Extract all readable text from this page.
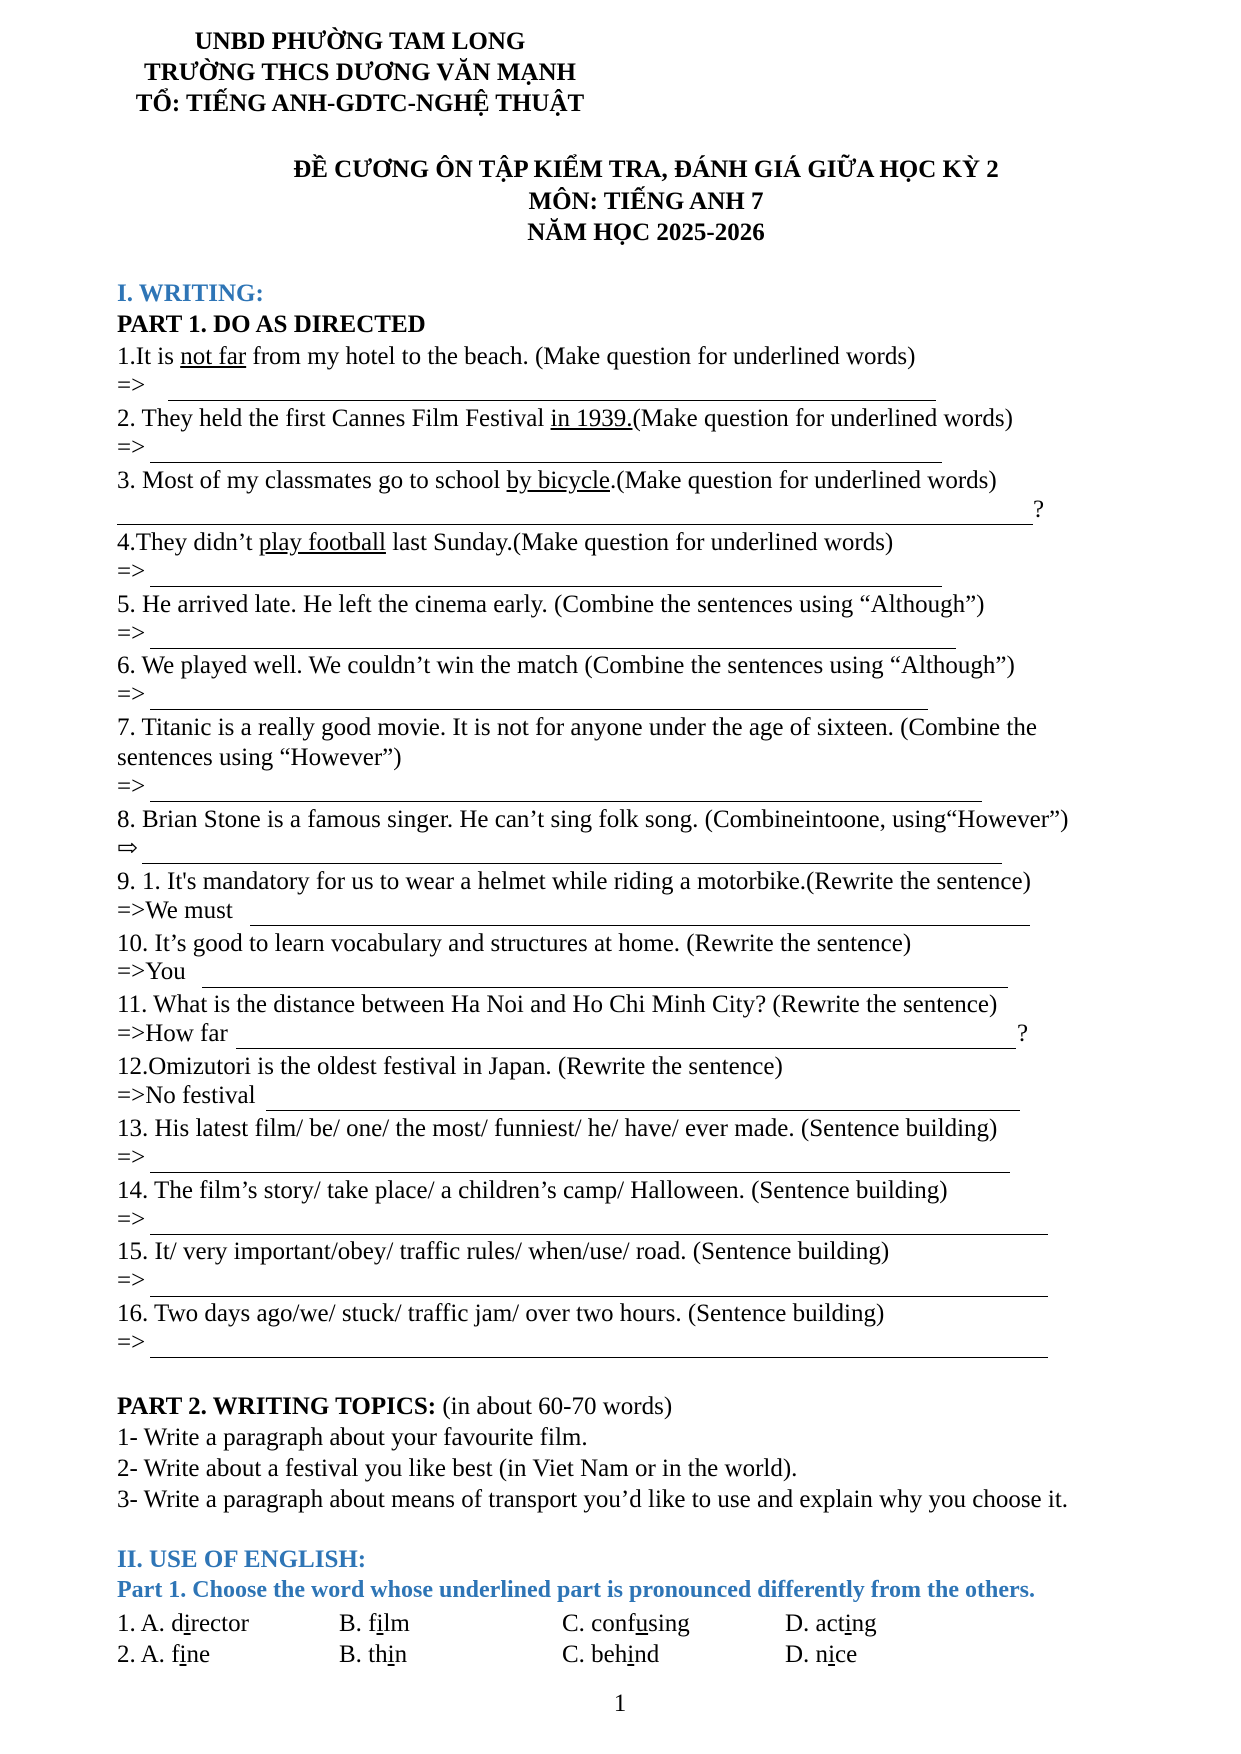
UNBD PHƯỜNG TAM LONG
TRƯỜNG THCS DƯƠNG VĂN MẠNH
TỔ: TIẾNG ANH-GDTC-NGHỆ THUẬT
ĐỀ CƯƠNG ÔN TẬP KIỂM TRA, ĐÁNH GIÁ GIỮA HỌC KỲ 2
MÔN: TIẾNG ANH 7
NĂM HỌC 2025-2026
I. WRITING:
PART 1. DO AS DIRECTED
1.It is not far from my hotel to the beach. (Make question for underlined words)
=>
2. They held the first Cannes Film Festival in 1939.(Make question for underlined words)
=>
3. Most of my classmates go to school by bicycle.(Make question for underlined words)
?
4.They didn’t play football last Sunday.(Make question for underlined words)
=>
5. He arrived late. He left the cinema early. (Combine the sentences using “Although”)
=>
6. We played well. We couldn’t win the match (Combine the sentences using “Although”)
=>
7. Titanic is a really good movie. It is not for anyone under the age of sixteen. (Combine the
sentences using “However”)
=>
8. Brian Stone is a famous singer. He can’t sing folk song. (Combineintoone, using“However”)
⇨
9. 1. It's mandatory for us to wear a helmet while riding a motorbike.(Rewrite the sentence)
=>We must
10. It’s good to learn vocabulary and structures at home. (Rewrite the sentence)
=>You
11. What is the distance between Ha Noi and Ho Chi Minh City? (Rewrite the sentence)
=>How far	?
12.Omizutori is the oldest festival in Japan. (Rewrite the sentence)
=>No festival
13. His latest film/ be/ one/ the most/ funniest/ he/ have/ ever made. (Sentence building)
=>
14. The film’s story/ take place/ a children’s camp/ Halloween. (Sentence building)
=>
15. It/ very important/obey/ traffic rules/ when/use/ road. (Sentence building)
=>
16. Two days ago/we/ stuck/ traffic jam/ over two hours. (Sentence building)
=>
PART 2. WRITING TOPICS: (in about 60-70 words)
1- Write a paragraph about your favourite film.
2- Write about a festival you like best (in Viet Nam or in the world).
3- Write a paragraph about means of transport you’d like to use and explain why you choose it.
II. USE OF ENGLISH:
Part 1. Choose the word whose underlined part is pronounced differently from the others.
1. A. director	B. film	C. confusing	D. acting
2. A. fine	B. thin	C. behind	D. nice
1
